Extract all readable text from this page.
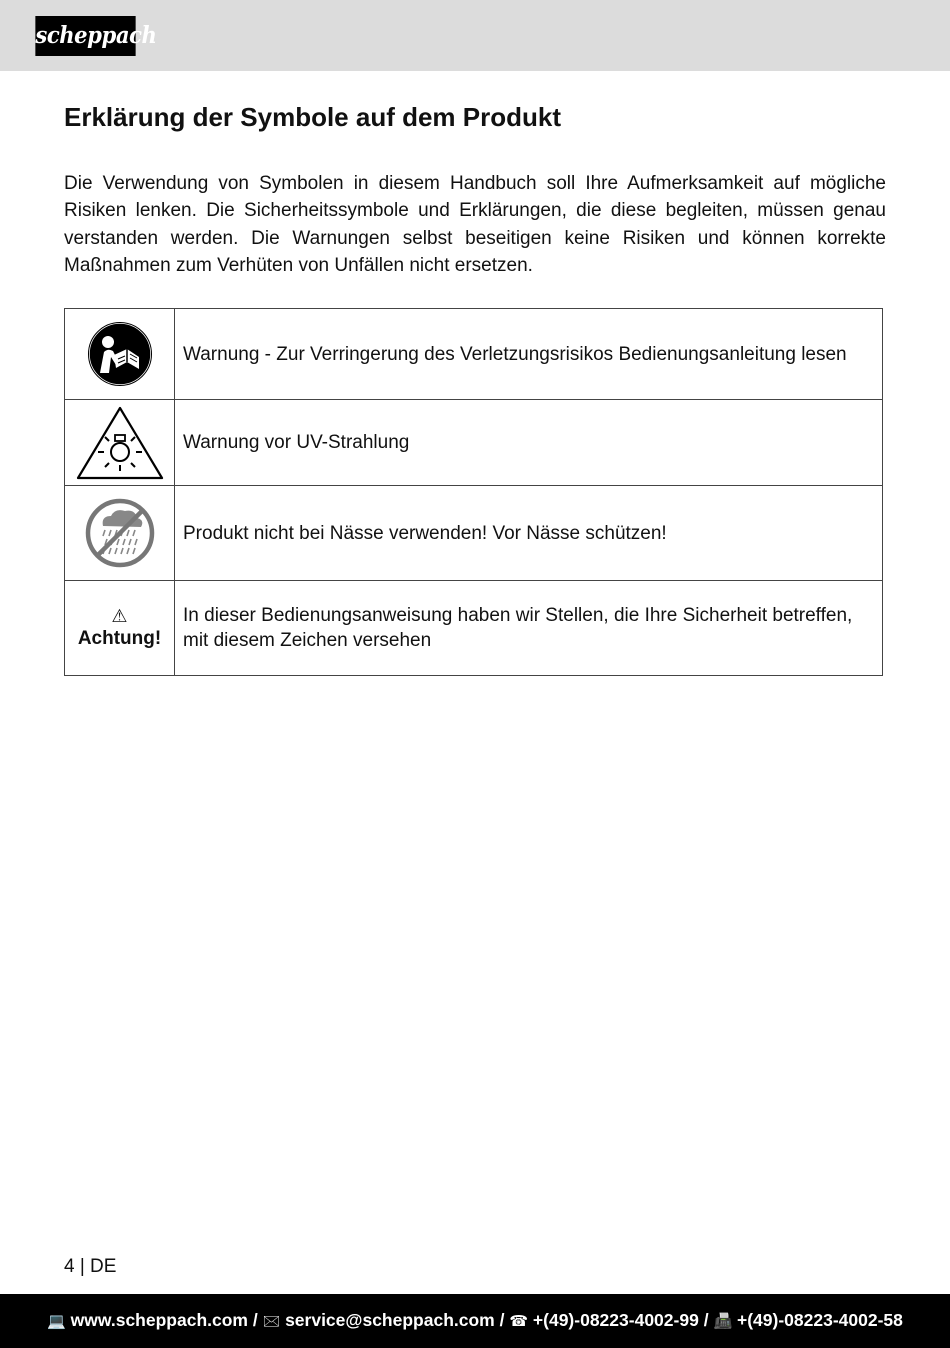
scheppach
Erklärung der Symbole auf dem Produkt

Die Verwendung von Symbolen in diesem Handbuch soll Ihre Aufmerksamkeit auf mögliche Risiken lenken. Die Sicherheitssymbole und Erklärungen, die diese begleiten, müssen genau verstanden werden. Die Warnungen selbst beseitigen keine Risiken und können korrekte Maßnahmen zum Verhüten von Unfällen nicht ersetzen.

	Warnung - Zur Verringerung des Verletzungsrisikos Bedienungsanleitung lesen

	Warnung vor UV-Strahlung

	Produkt nicht bei Nässe verwenden! Vor Nässe schützen!

⚠
Achtung!	In dieser Bedienungsanweisung haben wir Stellen, die Ihre Sicherheit betreffen, mit diesem Zeichen versehen
4 | DE
💻 www.scheppach.com / 🖂 service@scheppach.com / ☎ +(49)-08223-4002-99 / 📠 +(49)-08223-4002-58
